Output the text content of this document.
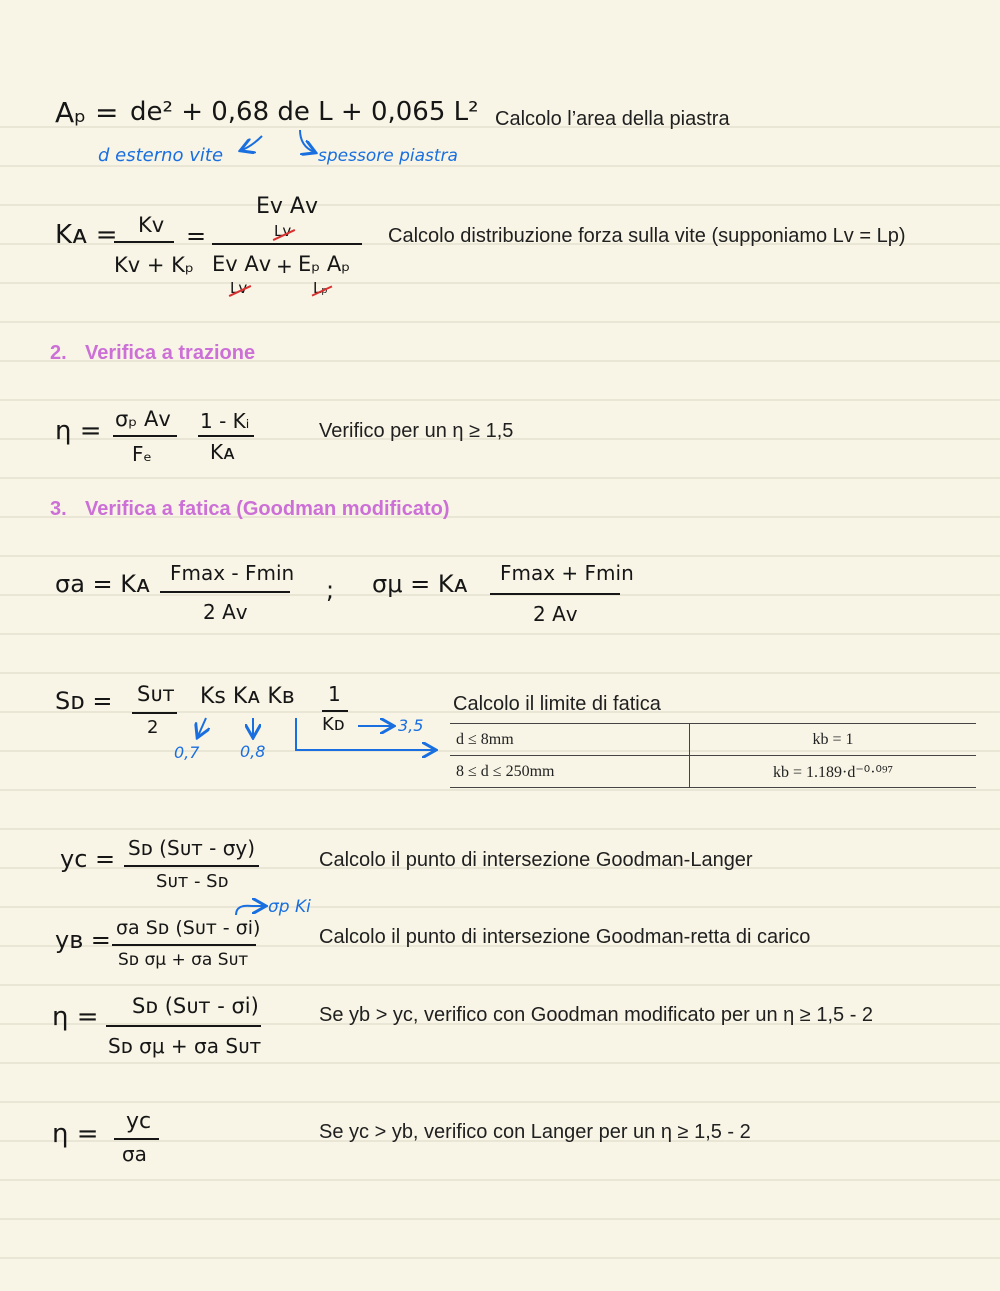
Aₚ = de² + 0,68 de L + 0,065 L²
d esterno vite	spessore piastra
Calcolo l’area della piastra
Kᴀ = Kᴠ
Kᴠ + Kₚ
=
Eᴠ Aᴠ
Lᴠ
Eᴠ Aᴠ
Lᴠ
+ Eₚ Aₚ
Lₚ
Calcolo distribuzione forza sulla vite (supponiamo Lv = Lp)
2. Verifica a trazione
η = σₚ Aᴠ
Fₑ
1 - Kᵢ
Kᴀ
Verifico per un η ≥ 1,5
3. Verifica a fatica (Goodman modificato)
σa = Kᴀ Fmax - Fmin
2 Aᴠ
; σμ = Kᴀ Fmax + Fmin
2 Aᴠ
Sᴅ = Sᴜᴛ
2
Kѕ Kᴀ Kʙ 1
Kᴅ
0,7	0,8
3,5
Calcolo il limite di fatica
d ≤ 8mm	kb = 1
8 ≤ d ≤ 250mm	kb = 1.189·d⁻⁰·⁰⁹⁷
yc = Sᴅ (Sᴜᴛ - σy)
Sᴜᴛ - Sᴅ
Calcolo il punto di intersezione Goodman-Langer
yʙ = σa Sᴅ (Sᴜᴛ - σi)
Sᴅ σμ + σa Sᴜᴛ
σp Ki
Calcolo il punto di intersezione Goodman-retta di carico
η = Sᴅ (Sᴜᴛ - σi)
Sᴅ σμ + σa Sᴜᴛ
Se yb > yc, verifico con Goodman modificato per un η ≥ 1,5 - 2
η = yc
σa
Se yc > yb, verifico con Langer per un η ≥ 1,5 - 2
